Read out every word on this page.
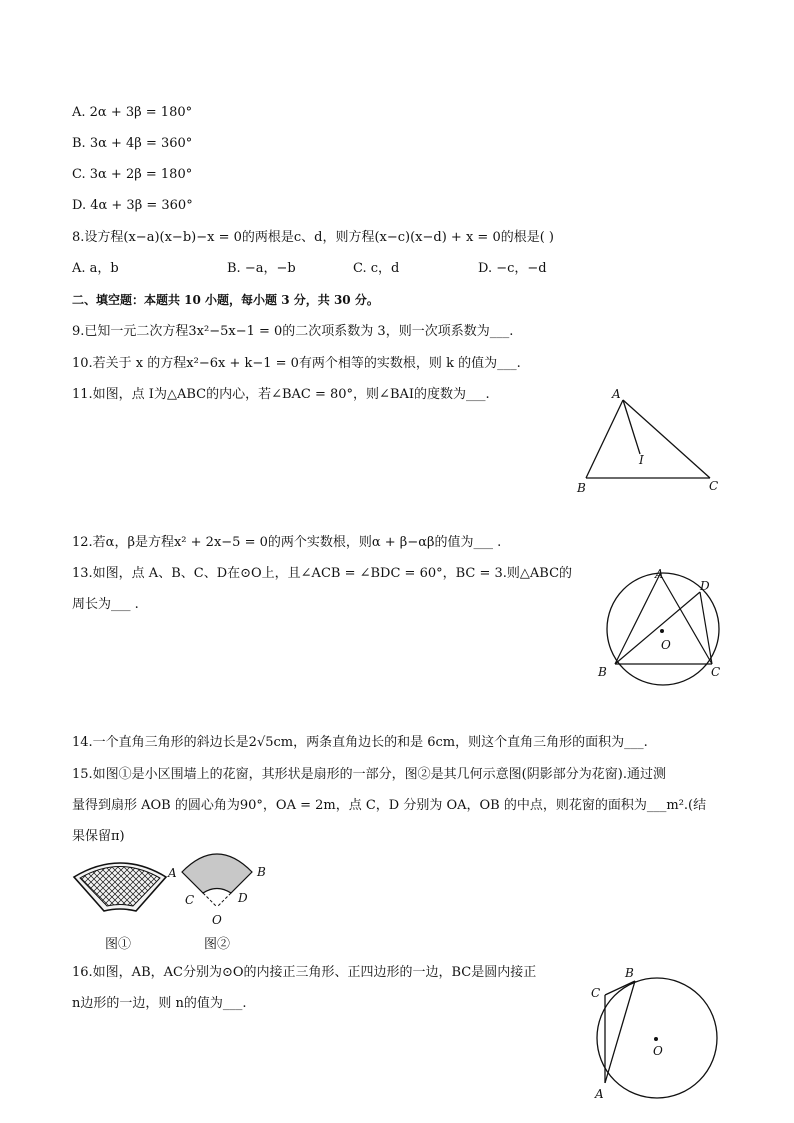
A. 2α + 3β = 180°
B. 3α + 4β = 360°
C. 3α + 2β = 180°
D. 4α + 3β = 360°
8.设方程(x−a)(x−b)−x = 0的两根是c、d，则方程(x−c)(x−d) + x = 0的根是( )
A. a，b	B. −a，−b	C. c，d	D. −c，−d
二、填空题：本题共 10 小题，每小题 3 分，共 30 分。
9.已知一元二次方程3x²−5x−1 = 0的二次项系数为 3，则一次项系数为___.
10.若关于 x 的方程x²−6x + k−1 = 0有两个相等的实数根，则 k 的值为___.
11.如图，点 I为△ABC的内心，若∠BAC = 80°，则∠BAI的度数为___.	A
I
B	C
12.若α，β是方程x² + 2x−5 = 0的两个实数根，则α + β−αβ的值为___ .
13.如图，点 A、B、C、D在⊙O上，且∠ACB = ∠BDC = 60°，BC = 3.则△ABC的
周长为___ .
A
D
O
B	C
14.一个直角三角形的斜边长是2√5cm，两条直角边长的和是 6cm，则这个直角三角形的面积为___.
15.如图①是小区围墙上的花窗，其形状是扇形的一部分，图②是其几何示意图(阴影部分为花窗).通过测
量得到扇形 AOB 的圆心角为90°，OA = 2m，点 C，D 分别为 OA，OB 的中点，则花窗的面积为___m².(结
果保留π)
图①
A	B
C	D
O
图②
16.如图，AB，AC分别为⊙O的内接正三角形、正四边形的一边，BC是圆内接正
n边形的一边，则 n的值为___.
B
C
O
A
